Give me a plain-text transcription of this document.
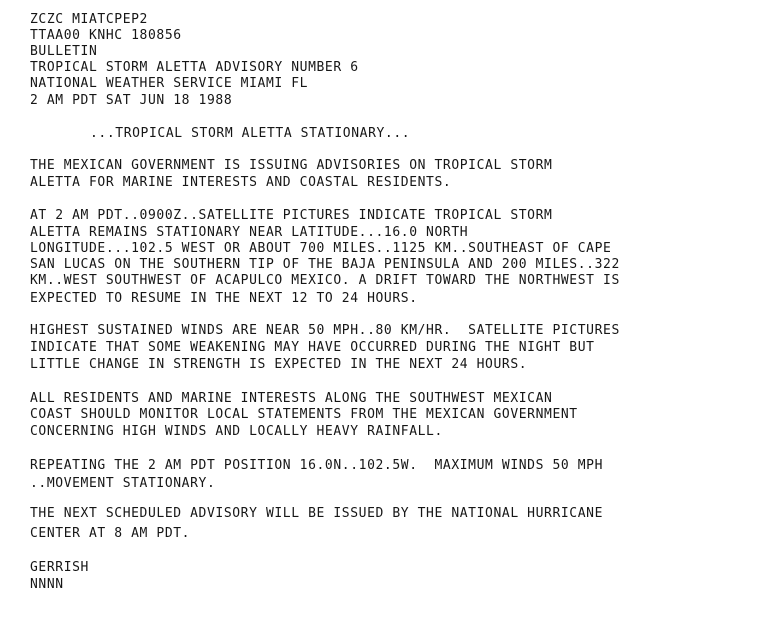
ZCZC MIATCPEP2

TTAA00 KNHC 180856

BULLETIN

TROPICAL STORM ALETTA ADVISORY NUMBER 6

NATIONAL WEATHER SERVICE MIAMI FL

2 AM PDT SAT JUN 18 1988

...TROPICAL STORM ALETTA STATIONARY...

THE MEXICAN GOVERNMENT IS ISSUING ADVISORIES ON TROPICAL STORM

ALETTA FOR MARINE INTERESTS AND COASTAL RESIDENTS.

AT 2 AM PDT..0900Z..SATELLITE PICTURES INDICATE TROPICAL STORM

ALETTA REMAINS STATIONARY NEAR LATITUDE...16.0 NORTH

LONGITUDE...102.5 WEST OR ABOUT 700 MILES..1125 KM..SOUTHEAST OF CAPE

SAN LUCAS ON THE SOUTHERN TIP OF THE BAJA PENINSULA AND 200 MILES..322

KM..WEST SOUTHWEST OF ACAPULCO MEXICO. A DRIFT TOWARD THE NORTHWEST IS

EXPECTED TO RESUME IN THE NEXT 12 TO 24 HOURS.

HIGHEST SUSTAINED WINDS ARE NEAR 50 MPH..80 KM/HR.  SATELLITE PICTURES

INDICATE THAT SOME WEAKENING MAY HAVE OCCURRED DURING THE NIGHT BUT

LITTLE CHANGE IN STRENGTH IS EXPECTED IN THE NEXT 24 HOURS.

ALL RESIDENTS AND MARINE INTERESTS ALONG THE SOUTHWEST MEXICAN

COAST SHOULD MONITOR LOCAL STATEMENTS FROM THE MEXICAN GOVERNMENT

CONCERNING HIGH WINDS AND LOCALLY HEAVY RAINFALL.

REPEATING THE 2 AM PDT POSITION 16.0N..102.5W.  MAXIMUM WINDS 50 MPH

..MOVEMENT STATIONARY.

THE NEXT SCHEDULED ADVISORY WILL BE ISSUED BY THE NATIONAL HURRICANE

CENTER AT 8 AM PDT.

GERRISH

NNNN
